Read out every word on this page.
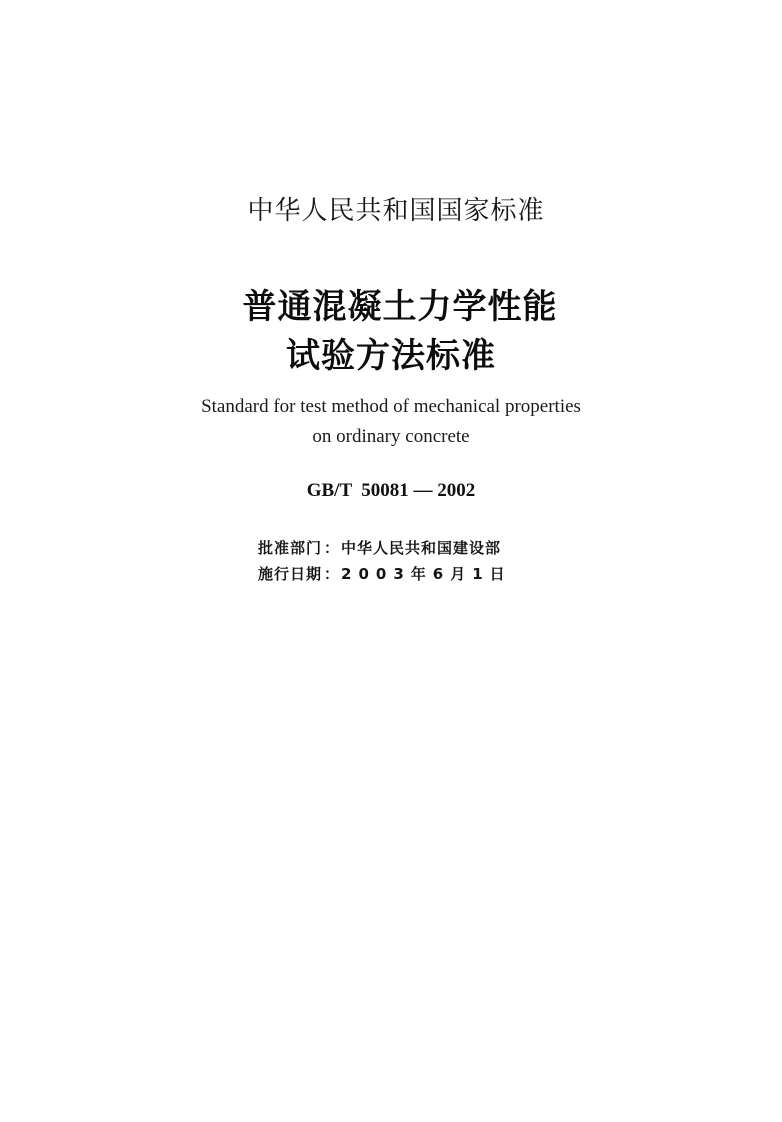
中华人民共和国国家标准
普通混凝土力学性能
试验方法标准
Standard for test method of mechanical properties
on ordinary concrete
GB/T  50081 — 2002
批准部门 ： 中华人民共和国建设部
施行日期 ： 2003年6月1日
